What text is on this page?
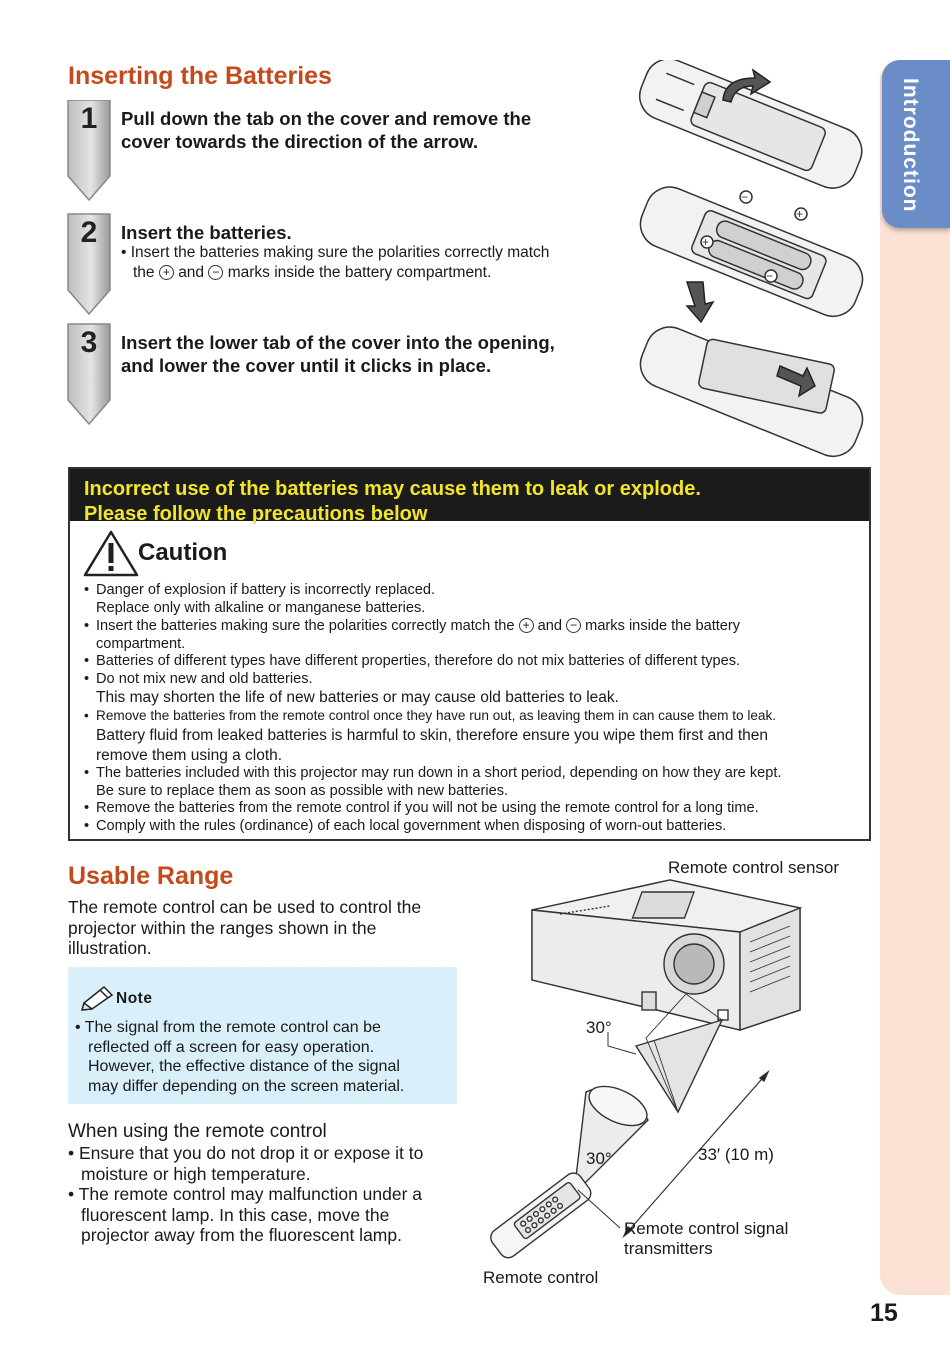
Introduction
Inserting the Batteries
1
2
3
Pull down the tab on the cover and remove the
cover towards the direction of the arrow.
Insert the batteries.
• Insert the batteries making sure the polarities correctly match
the + and − marks inside the battery compartment.
Insert the lower tab of the cover into the opening,
and lower the cover until it clicks in place.
−
+
+
−
Incorrect use of the batteries may cause them to leak or explode.
Please follow the precautions below
Caution
• Danger of explosion if battery is incorrectly replaced.
Replace only with alkaline or manganese batteries.
• Insert the batteries making sure the polarities correctly match the + and − marks inside the battery
compartment.
• Batteries of different types have different properties, therefore do not mix batteries of different types.
• Do not mix new and old batteries.
This may shorten the life of new batteries or may cause old batteries to leak.
• Remove the batteries from the remote control once they have run out, as leaving them in can cause them to leak.
Battery fluid from leaked batteries is harmful to skin, therefore ensure you wipe them first and then
remove them using a cloth.
• The batteries included with this projector may run down in a short period, depending on how they are kept.
Be sure to replace them as soon as possible with new batteries.
• Remove the batteries from the remote control if you will not be using the remote control for a long time.
• Comply with the rules (ordinance) of each local government when disposing of worn-out batteries.
Usable Range
The remote control can be used to control the
projector within the ranges shown in the
illustration.
Note
• The signal from the remote control can be
reflected off a screen for easy operation.
However, the effective distance of the signal
may differ depending on the screen material.
When using the remote control
• Ensure that you do not drop it or expose it to
moisture or high temperature.
• The remote control may malfunction under a
fluorescent lamp. In this case, move the
projector away from the fluorescent lamp.
Remote control sensor
30°
30°	33′ (10 m)
Remote control signal
transmitters
Remote control
15
